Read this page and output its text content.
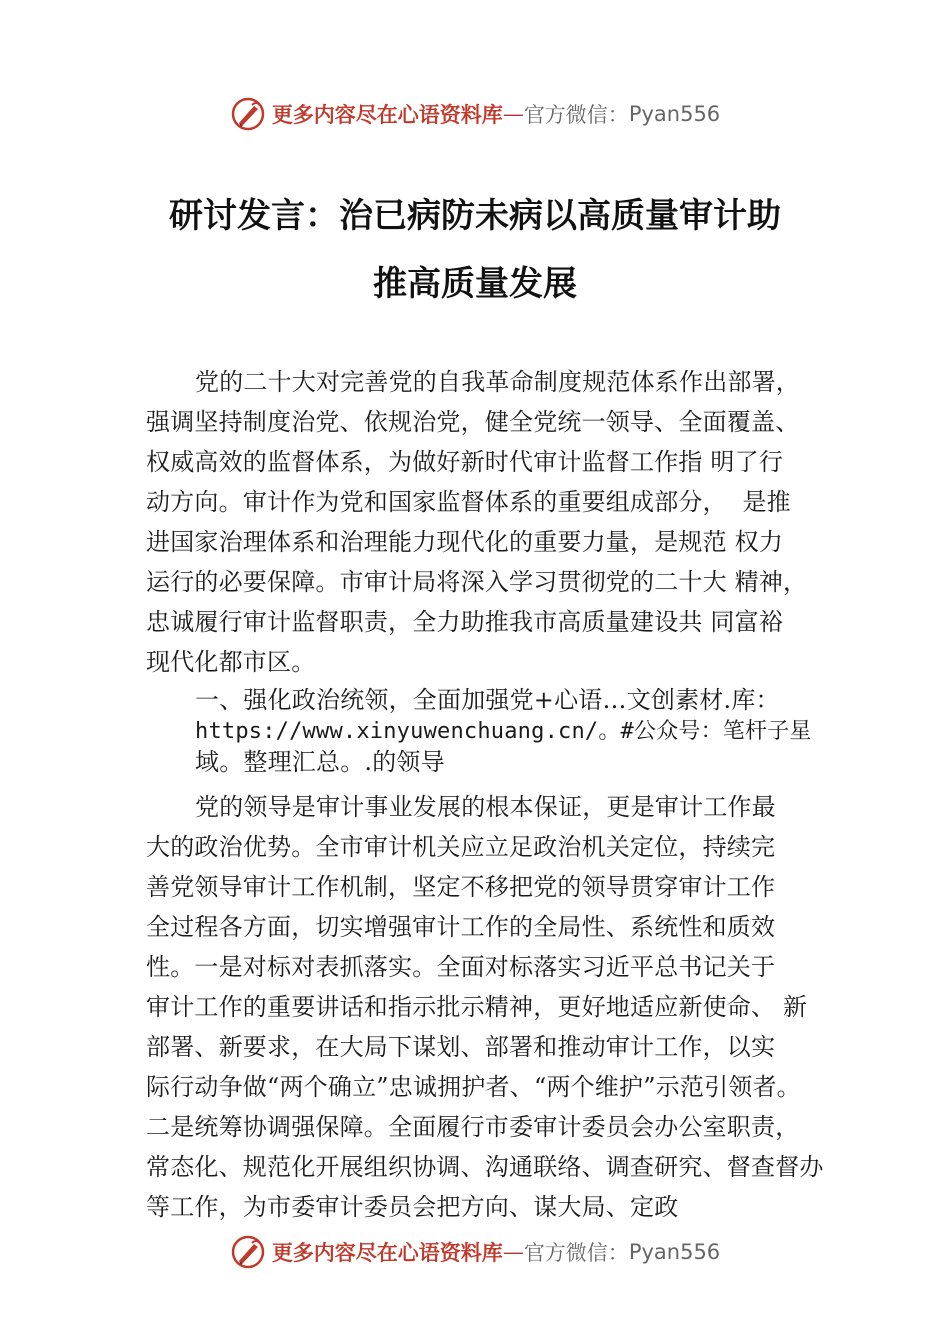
更多内容尽在心语资料库 — 官方微信： Pyan556
研讨发言：治已病防未病以高质量审计助
推高质量发展
党的二十大对完善党的自我革命制度规范体系作出部署，
强调坚持制度治党、依规治党，健全党统一领导、全面覆盖、
权威高效的监督体系，为做好新时代审计监督工作指 明了行
动方向。审计作为党和国家监督体系的重要组成部分，  是推
进国家治理体系和治理能力现代化的重要力量，是规范 权力
运行的必要保障。市审计局将深入学习贯彻党的二十大 精神，
忠诚履行审计监督职责，全力助推我市高质量建设共 同富裕
现代化都市区。
一、强化政治统领，全面加强党+心语…文创素材.库：
https://www.xinyuwenchuang.cn/。#公众号：笔杆子星
域。整理汇总。.的领导
党的领导是审计事业发展的根本保证，更是审计工作最
大的政治优势。全市审计机关应立足政治机关定位，持续完
善党领导审计工作机制，坚定不移把党的领导贯穿审计工作
全过程各方面，切实增强审计工作的全局性、系统性和质效
性。一是对标对表抓落实。全面对标落实习近平总书记关于
审计工作的重要讲话和指示批示精神，更好地适应新使命、 新
部署、新要求，在大局下谋划、部署和推动审计工作，以实
际行动争做“两个确立”忠诚拥护者、“两个维护”示范引领者。
二是统筹协调强保障。全面履行市委审计委员会办公室职责，
常态化、规范化开展组织协调、沟通联络、调查研究、督查督办
等工作，为市委审计委员会把方向、谋大局、定政
更多内容尽在心语资料库 — 官方微信： Pyan556
